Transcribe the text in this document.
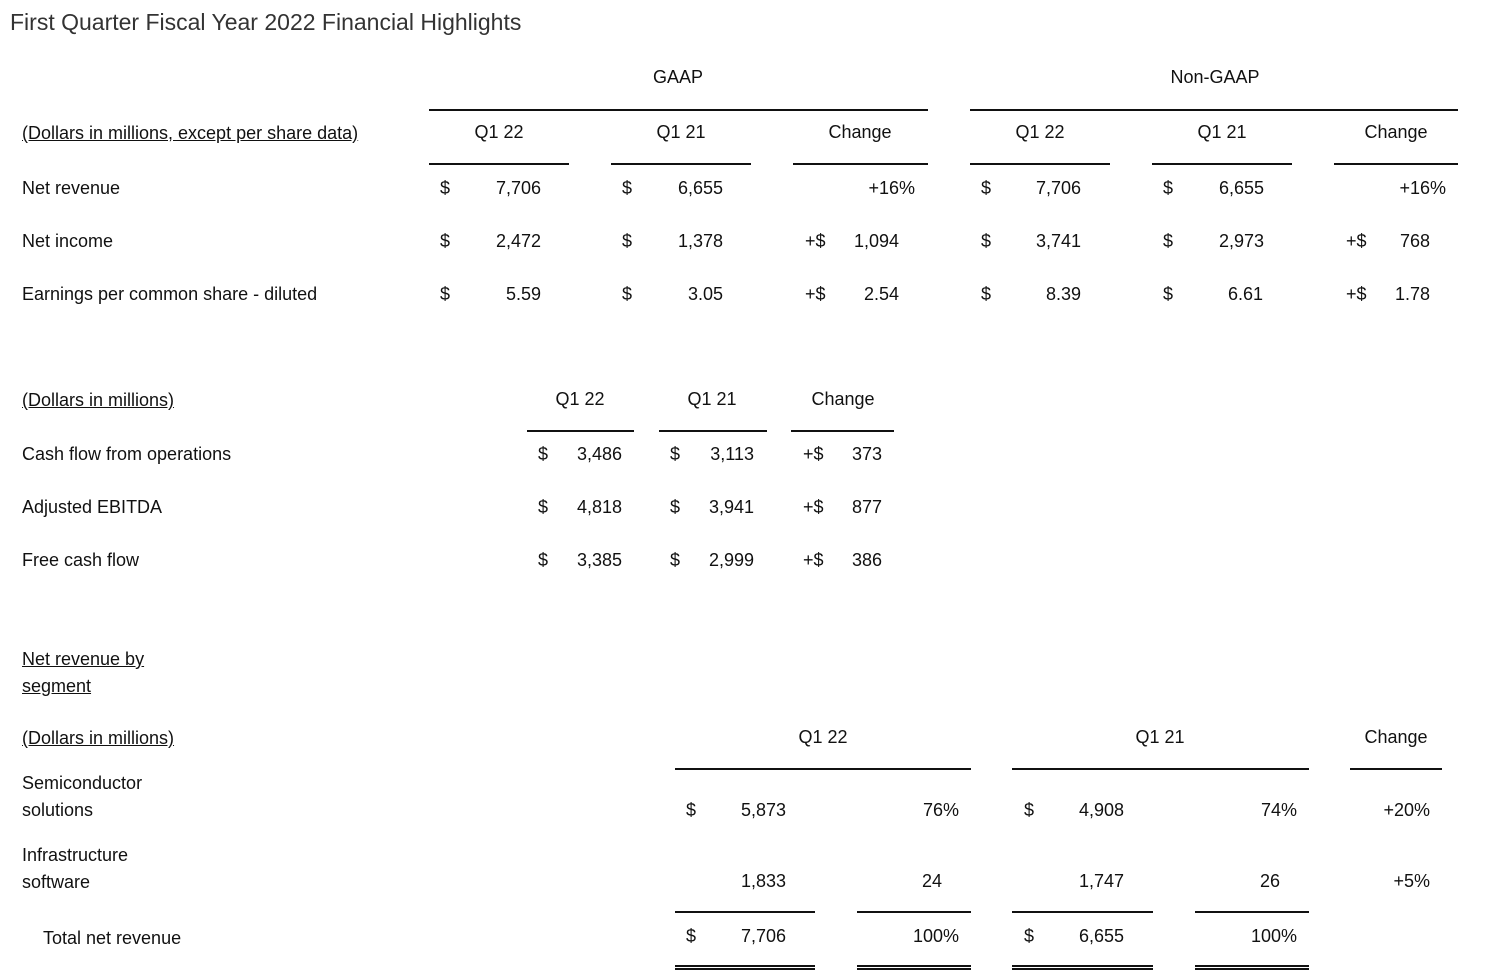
First Quarter Fiscal Year 2022 Financial Highlights
GAAP	Non-GAAP
(Dollars in millions, except per share data)	Q1 22	Q1 21	Change	Q1 22	Q1 21	Change
Net revenue	$	7,706	$	6,655	+16%	$	7,706	$	6,655	+16%
Net income	$	2,472	$	1,378	+$	1,094	$	3,741	$	2,973	+$	768
Earnings per common share - diluted	$	5.59	$	3.05	+$	2.54	$	8.39	$	6.61	+$	1.78
(Dollars in millions)	Q1 22	Q1 21	Change
Cash flow from operations	$	3,486	$	3,113	+$	373
Adjusted EBITDA	$	4,818	$	3,941	+$	877
Free cash flow	$	3,385	$	2,999	+$	386
Net revenue by
segment
(Dollars in millions)	Q1 22	Q1 21	Change
Semiconductor
solutions	$	5,873	76%	$	4,908	74%	+20%
Infrastructure
software	1,833	24	1,747	26	+5%
Total net revenue	$	7,706	100%	$	6,655	100%
